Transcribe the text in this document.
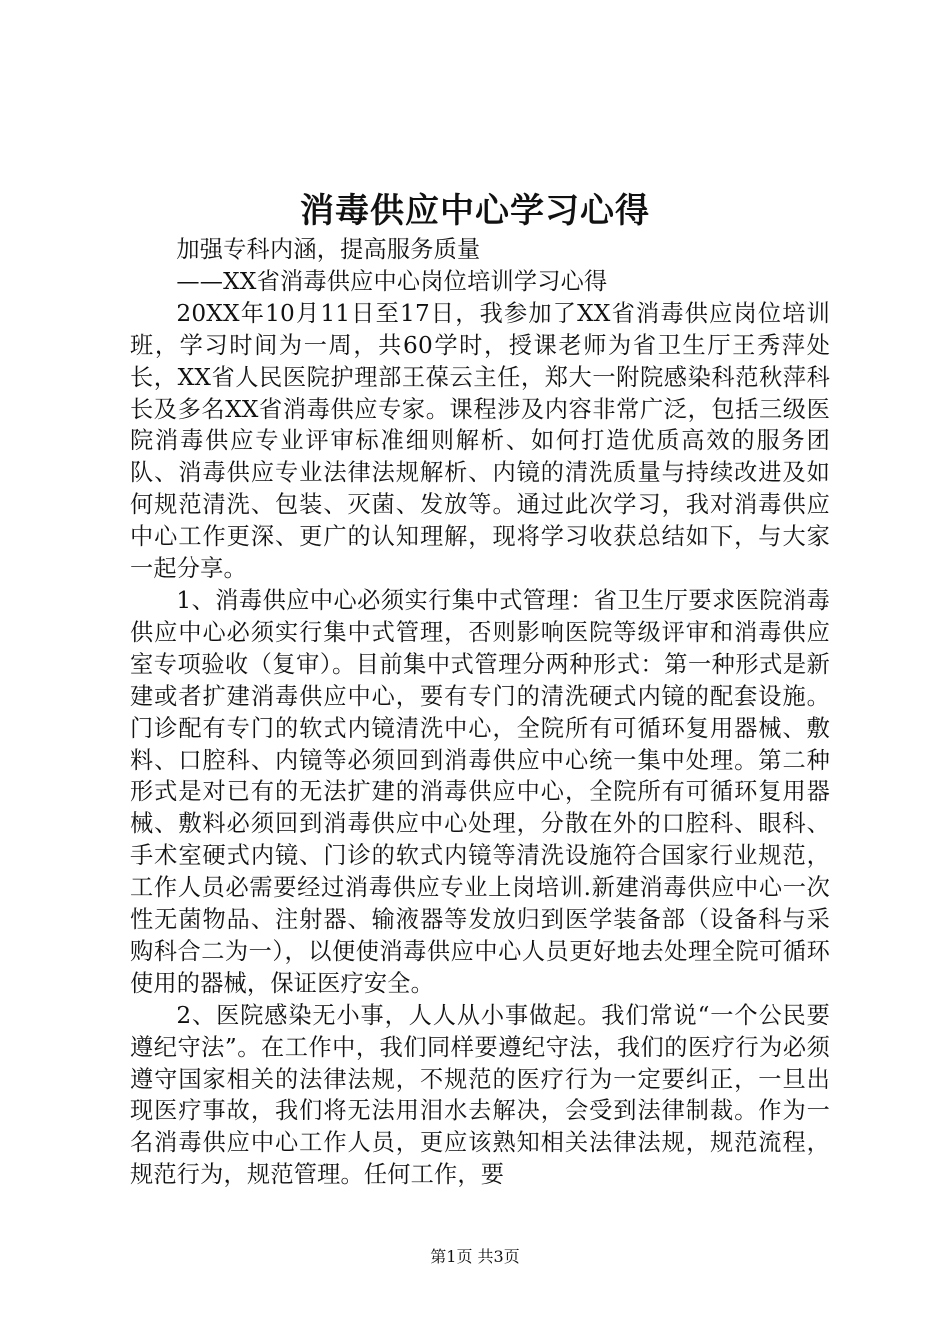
消毒供应中心学习心得

加强专科内涵，提高服务质量

——XX省消毒供应中心岗位培训学习心得

20XX年10月11日至17日，我参加了XX省消毒供应岗位培训班，学习时间为一周，共60学时，授课老师为省卫生厅王秀萍处长，XX省人民医院护理部王葆云主任，郑大一附院感染科范秋萍科长及多名XX省消毒供应专家。课程涉及内容非常广泛，包括三级医院消毒供应专业评审标准细则解析、如何打造优质高效的服务团队、消毒供应专业法律法规解析、内镜的清洗质量与持续改进及如何规范清洗、包装、灭菌、发放等。通过此次学习，我对消毒供应中心工作更深、更广的认知理解，现将学习收获总结如下，与大家一起分享。

1、消毒供应中心必须实行集中式管理：省卫生厅要求医院消毒供应中心必须实行集中式管理，否则影响医院等级评审和消毒供应室专项验收（复审）。目前集中式管理分两种形式：第一种形式是新建或者扩建消毒供应中心，要有专门的清洗硬式内镜的配套设施。门诊配有专门的软式内镜清洗中心，全院所有可循环复用器械、敷料、口腔科、内镜等必须回到消毒供应中心统一集中处理。第二种形式是对已有的无法扩建的消毒供应中心，全院所有可循环复用器械、敷料必须回到消毒供应中心处理，分散在外的口腔科、眼科、手术室硬式内镜、门诊的软式内镜等清洗设施符合国家行业规范，工作人员必需要经过消毒供应专业上岗培训.新建消毒供应中心一次性无菌物品、注射器、输液器等发放归到医学装备部（设备科与采购科合二为一），以便使消毒供应中心人员更好地去处理全院可循环使用的器械，保证医疗安全。

2、医院感染无小事，人人从小事做起。我们常说“一个公民要遵纪守法”。在工作中，我们同样要遵纪守法，我们的医疗行为必须遵守国家相关的法律法规，不规范的医疗行为一定要纠正，一旦出现医疗事故，我们将无法用泪水去解决，会受到法律制裁。作为一名消毒供应中心工作人员，更应该熟知相关法律法规，规范流程，规范行为，规范管理。任何工作，要

第1页 共3页
